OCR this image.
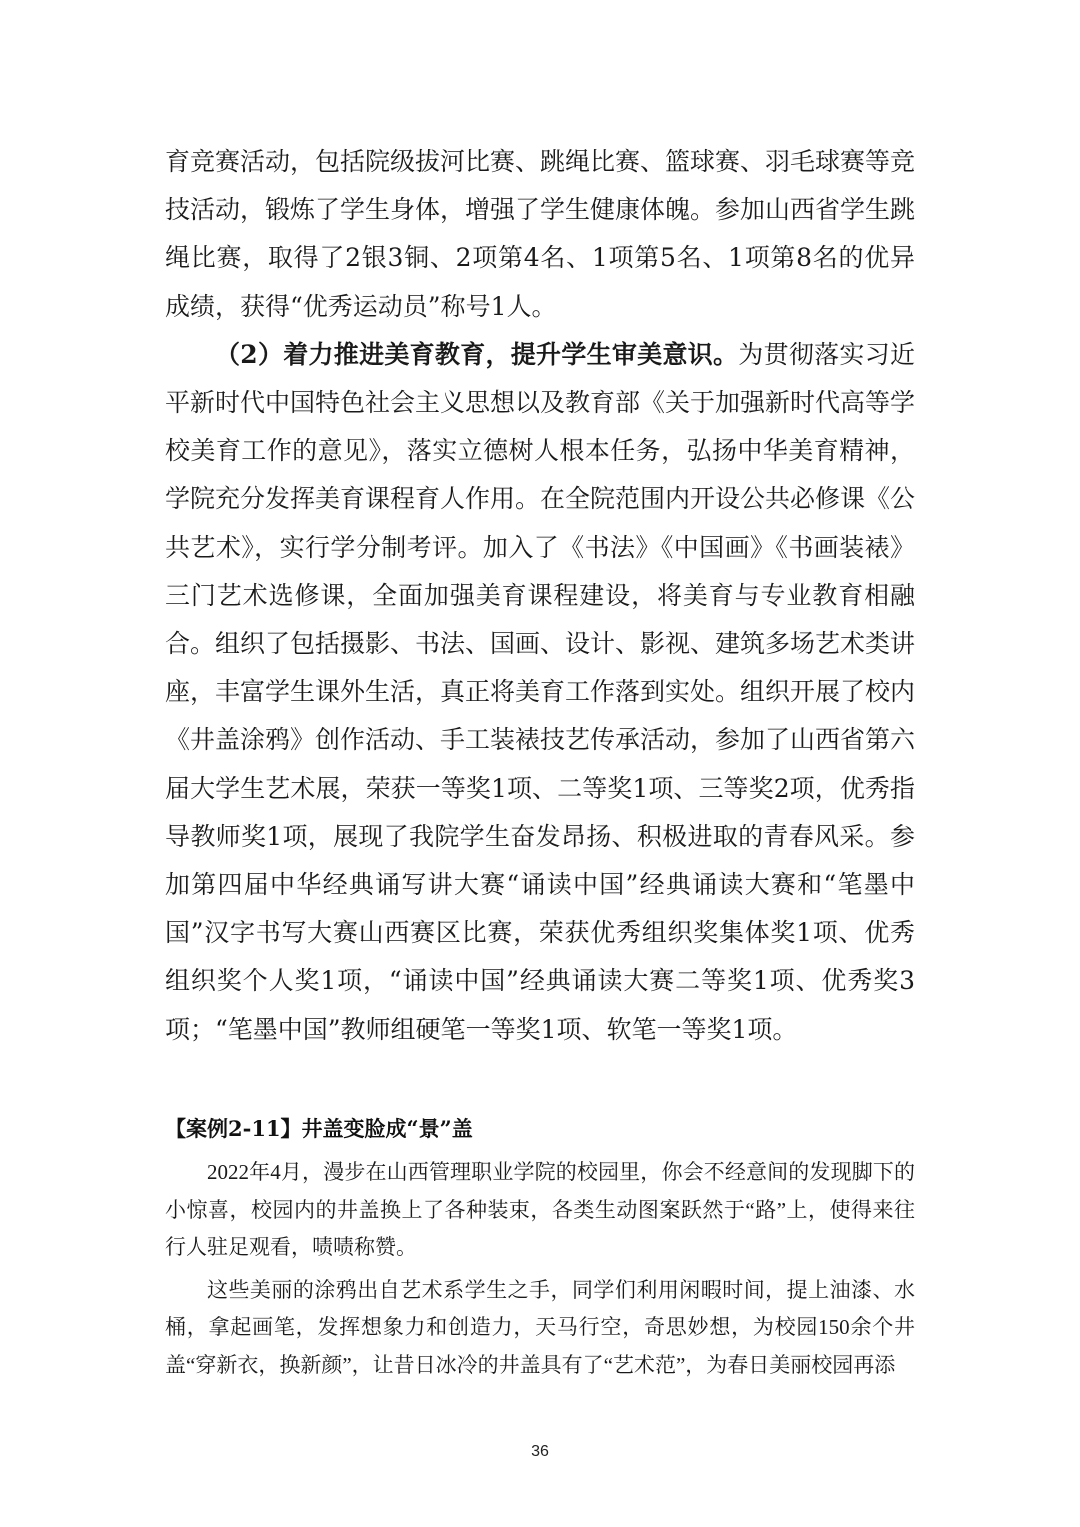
育竞赛活动，包括院级拔河比赛、跳绳比赛、篮球赛、羽毛球赛等竞技活动，锻炼了学生身体，增强了学生健康体魄。参加山西省学生跳绳比赛，取得了2银3铜、2项第4名、1项第5名、1项第8名的优异成绩，获得“优秀运动员”称号1人。

（2）着力推进美育教育，提升学生审美意识。为贯彻落实习近平新时代中国特色社会主义思想以及教育部《关于加强新时代高等学校美育工作的意见》，落实立德树人根本任务，弘扬中华美育精神，学院充分发挥美育课程育人作用。在全院范围内开设公共必修课《公共艺术》，实行学分制考评。加入了《书法》《中国画》《书画装裱》三门艺术选修课，全面加强美育课程建设，将美育与专业教育相融合。组织了包括摄影、书法、国画、设计、影视、建筑多场艺术类讲座，丰富学生课外生活，真正将美育工作落到实处。组织开展了校内《井盖涂鸦》创作活动、手工装裱技艺传承活动，参加了山西省第六届大学生艺术展，荣获一等奖1项、二等奖1项、三等奖2项，优秀指导教师奖1项，展现了我院学生奋发昂扬、积极进取的青春风采。参加第四届中华经典诵写讲大赛“诵读中国”经典诵读大赛和“笔墨中国”汉字书写大赛山西赛区比赛，荣获优秀组织奖集体奖1项、优秀组织奖个人奖1项，“诵读中国”经典诵读大赛二等奖1项、优秀奖3项；“笔墨中国”教师组硬笔一等奖1项、软笔一等奖1项。

【案例2-11】井盖变脸成“景”盖

2022年4月，漫步在山西管理职业学院的校园里，你会不经意间的发现脚下的小惊喜，校园内的井盖换上了各种装束，各类生动图案跃然于“路”上，使得来往行人驻足观看，啧啧称赞。

这些美丽的涂鸦出自艺术系学生之手，同学们利用闲暇时间，提上油漆、水桶，拿起画笔，发挥想象力和创造力，天马行空，奇思妙想，为校园150余个井盖“穿新衣，换新颜”，让昔日冰冷的井盖具有了“艺术范”，为春日美丽校园再添

36
